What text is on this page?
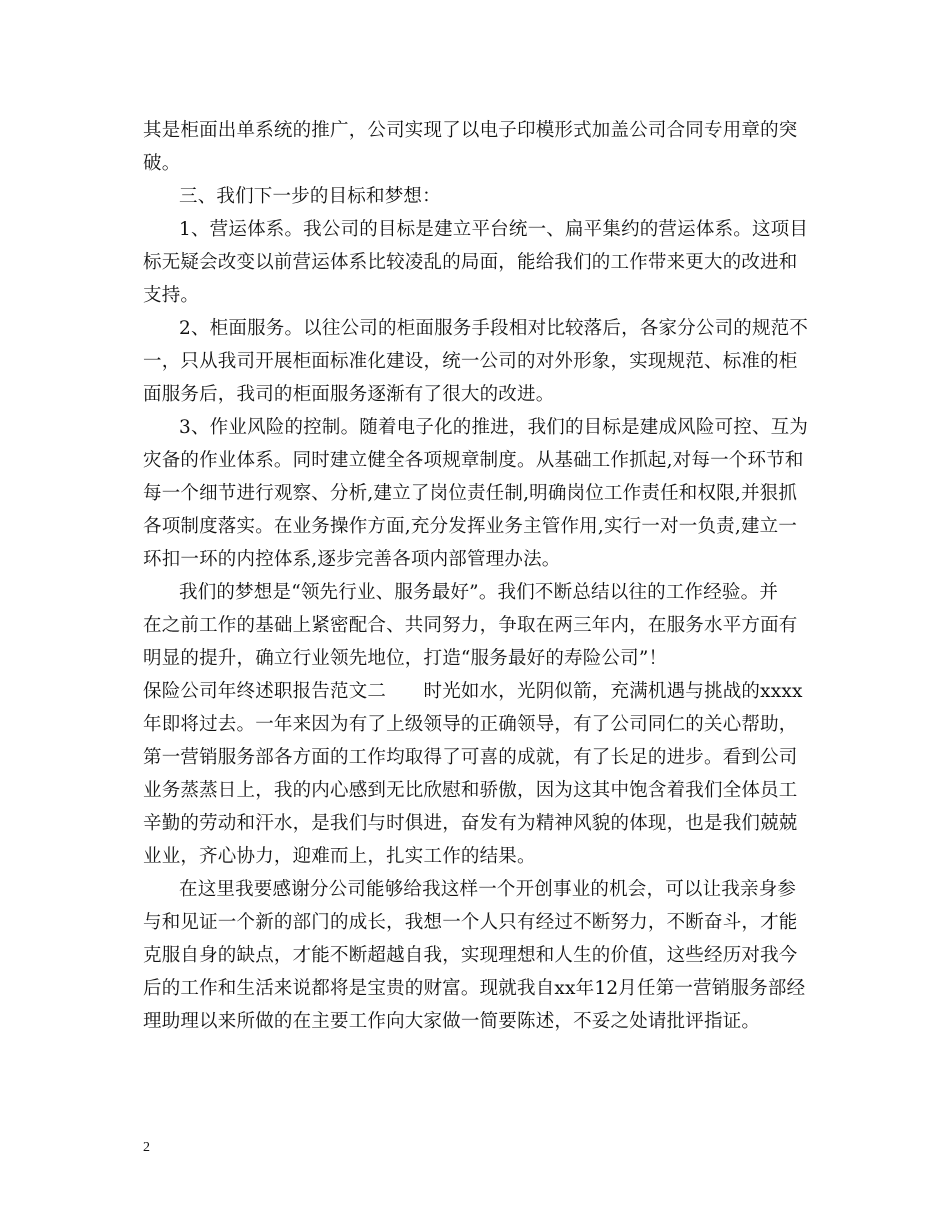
其是柜面出单系统的推广，公司实现了以电子印模形式加盖公司合同专用章的突
破。
三、我们下一步的目标和梦想：
1、营运体系。我公司的目标是建立平台统一、扁平集约的营运体系。这项目
标无疑会改变以前营运体系比较凌乱的局面，能给我们的工作带来更大的改进和
支持。
2、柜面服务。以往公司的柜面服务手段相对比较落后，各家分公司的规范不
一，只从我司开展柜面标准化建设，统一公司的对外形象，实现规范、标准的柜
面服务后，我司的柜面服务逐渐有了很大的改进。
3、作业风险的控制。随着电子化的推进，我们的目标是建成风险可控、互为
灾备的作业体系。同时建立健全各项规章制度。从基础工作抓起,对每一个环节和
每一个细节进行观察、分析,建立了岗位责任制,明确岗位工作责任和权限,并狠抓
各项制度落实。在业务操作方面,充分发挥业务主管作用,实行一对一负责,建立一
环扣一环的内控体系,逐步完善各项内部管理办法。
我们的梦想是“领先行业、服务最好”。我们不断总结以往的工作经验。并
在之前工作的基础上紧密配合、共同努力，争取在两三年内，在服务水平方面有
明显的提升，确立行业领先地位，打造“服务最好的寿险公司”！
保险公司年终述职报告范文二　　时光如水，光阴似箭，充满机遇与挑战的xxxx
年即将过去。一年来因为有了上级领导的正确领导，有了公司同仁的关心帮助，
第一营销服务部各方面的工作均取得了可喜的成就，有了长足的进步。看到公司
业务蒸蒸日上，我的内心感到无比欣慰和骄傲，因为这其中饱含着我们全体员工
辛勤的劳动和汗水，是我们与时俱进，奋发有为精神风貌的体现，也是我们兢兢
业业，齐心协力，迎难而上，扎实工作的结果。
在这里我要感谢分公司能够给我这样一个开创事业的机会，可以让我亲身参
与和见证一个新的部门的成长，我想一个人只有经过不断努力，不断奋斗，才能
克服自身的缺点，才能不断超越自我，实现理想和人生的价值，这些经历对我今
后的工作和生活来说都将是宝贵的财富。现就我自xx年12月任第一营销服务部经
理助理以来所做的在主要工作向大家做一简要陈述，不妥之处请批评指证。
2
